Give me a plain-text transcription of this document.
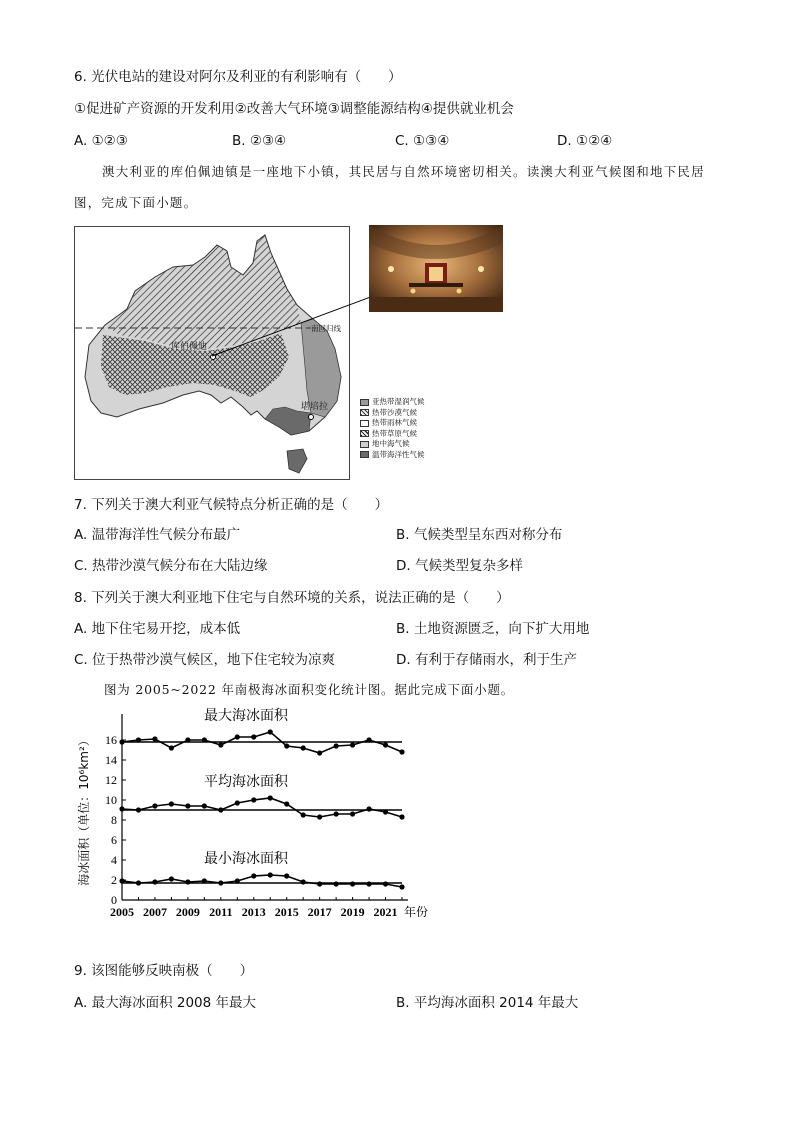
6. 光伏电站的建设对阿尔及利亚的有利影响有（　　）
①促进矿产资源的开发利用②改善大气环境③调整能源结构④提供就业机会
A. ①②③	B. ②③④	C. ①③④	D. ①②④
澳大利亚的库伯佩迪镇是一座地下小镇，其民居与自然环境密切相关。读澳大利亚气候图和地下民居
图，完成下面小题。
库伯佩迪
堪培拉
南回归线
亚热带湿润气候
热带沙漠气候
热带雨林气候
热带草原气候
地中海气候
温带海洋性气候
7. 下列关于澳大利亚气候特点分析正确的是（　　）
A. 温带海洋性气候分布最广	B. 气候类型呈东西对称分布
C. 热带沙漠气候分布在大陆边缘	D. 气候类型复杂多样
8. 下列关于澳大利亚地下住宅与自然环境的关系，说法正确的是（　　）
A. 地下住宅易开挖，成本低	B. 土地资源匮乏，向下扩大用地
C. 位于热带沙漠气候区，地下住宅较为凉爽	D. 有利于存储雨水，利于生产
图为 2005~2022 年南极海冰面积变化统计图。据此完成下面小题。
0
2
4
6
8
10
12
14
16
2005 2007 2009 2011 2013 2015 2017 2019 2021 年份
海冰面积（单位：10⁶km²）
最大海冰面积
平均海冰面积
最小海冰面积
9. 该图能够反映南极（　　）
A. 最大海冰面积 2008 年最大	B. 平均海冰面积 2014 年最大
